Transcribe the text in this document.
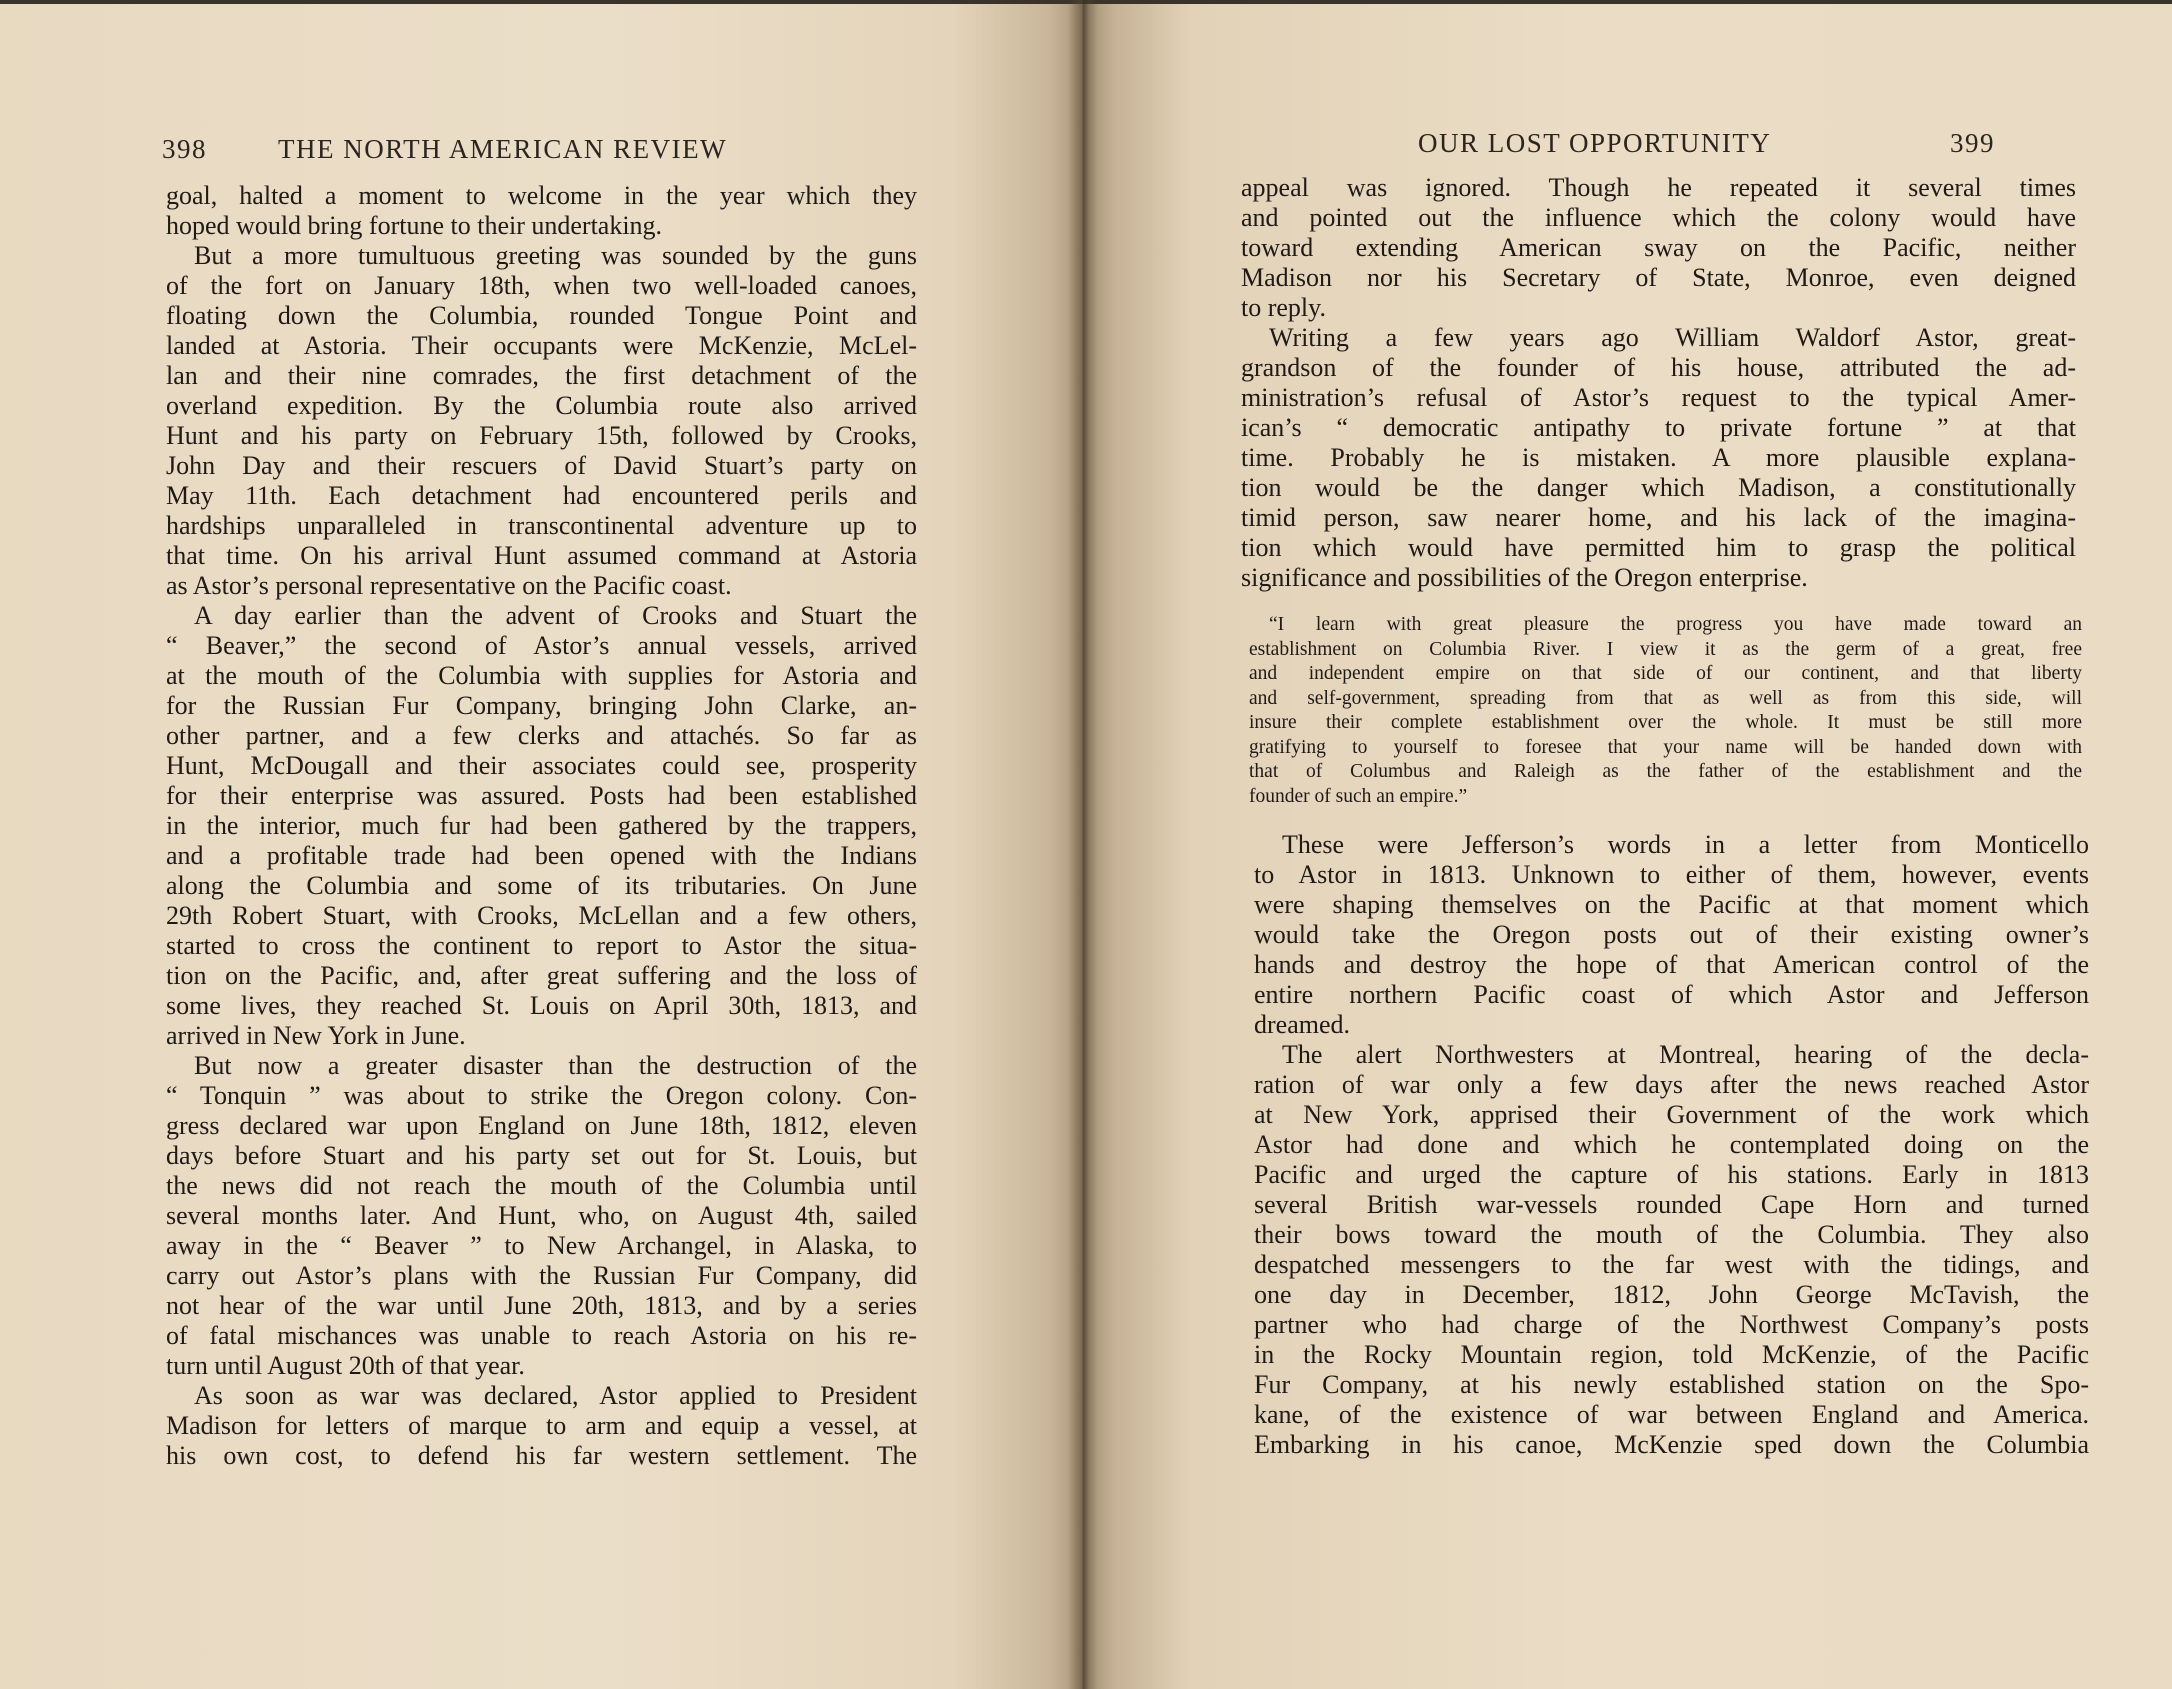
398	THE NORTH AMERICAN REVIEW
goal, halted a moment to welcome in the year which they
hoped would bring fortune to their undertaking.
But a more tumultuous greeting was sounded by the guns
of the fort on January 18th, when two well-loaded canoes,
floating down the Columbia, rounded Tongue Point and
landed at Astoria. Their occupants were McKenzie, McLel-
lan and their nine comrades, the first detachment of the
overland expedition. By the Columbia route also arrived
Hunt and his party on February 15th, followed by Crooks,
John Day and their rescuers of David Stuart’s party on
May 11th. Each detachment had encountered perils and
hardships unparalleled in transcontinental adventure up to
that time. On his arrival Hunt assumed command at Astoria
as Astor’s personal representative on the Pacific coast.
A day earlier than the advent of Crooks and Stuart the
“ Beaver,” the second of Astor’s annual vessels, arrived
at the mouth of the Columbia with supplies for Astoria and
for the Russian Fur Company, bringing John Clarke, an-
other partner, and a few clerks and attachés. So far as
Hunt, McDougall and their associates could see, prosperity
for their enterprise was assured. Posts had been established
in the interior, much fur had been gathered by the trappers,
and a profitable trade had been opened with the Indians
along the Columbia and some of its tributaries. On June
29th Robert Stuart, with Crooks, McLellan and a few others,
started to cross the continent to report to Astor the situa-
tion on the Pacific, and, after great suffering and the loss of
some lives, they reached St. Louis on April 30th, 1813, and
arrived in New York in June.
But now a greater disaster than the destruction of the
“ Tonquin ” was about to strike the Oregon colony. Con-
gress declared war upon England on June 18th, 1812, eleven
days before Stuart and his party set out for St. Louis, but
the news did not reach the mouth of the Columbia until
several months later. And Hunt, who, on August 4th, sailed
away in the “ Beaver ” to New Archangel, in Alaska, to
carry out Astor’s plans with the Russian Fur Company, did
not hear of the war until June 20th, 1813, and by a series
of fatal mischances was unable to reach Astoria on his re-
turn until August 20th of that year.
As soon as war was declared, Astor applied to President
Madison for letters of marque to arm and equip a vessel, at
his own cost, to defend his far western settlement. The
OUR LOST OPPORTUNITY	399
appeal was ignored. Though he repeated it several times
and pointed out the influence which the colony would have
toward extending American sway on the Pacific, neither
Madison nor his Secretary of State, Monroe, even deigned
to reply.
Writing a few years ago William Waldorf Astor, great-
grandson of the founder of his house, attributed the ad-
ministration’s refusal of Astor’s request to the typical Amer-
ican’s “ democratic antipathy to private fortune ” at that
time. Probably he is mistaken. A more plausible explana-
tion would be the danger which Madison, a constitutionally
timid person, saw nearer home, and his lack of the imagina-
tion which would have permitted him to grasp the political
significance and possibilities of the Oregon enterprise.
“I learn with great pleasure the progress you have made toward an
establishment on Columbia River. I view it as the germ of a great, free
and independent empire on that side of our continent, and that liberty
and self-government, spreading from that as well as from this side, will
insure their complete establishment over the whole. It must be still more
gratifying to yourself to foresee that your name will be handed down with
that of Columbus and Raleigh as the father of the establishment and the
founder of such an empire.”
These were Jefferson’s words in a letter from Monticello
to Astor in 1813. Unknown to either of them, however, events
were shaping themselves on the Pacific at that moment which
would take the Oregon posts out of their existing owner’s
hands and destroy the hope of that American control of the
entire northern Pacific coast of which Astor and Jefferson
dreamed.
The alert Northwesters at Montreal, hearing of the decla-
ration of war only a few days after the news reached Astor
at New York, apprised their Government of the work which
Astor had done and which he contemplated doing on the
Pacific and urged the capture of his stations. Early in 1813
several British war-vessels rounded Cape Horn and turned
their bows toward the mouth of the Columbia. They also
despatched messengers to the far west with the tidings, and
one day in December, 1812, John George McTavish, the
partner who had charge of the Northwest Company’s posts
in the Rocky Mountain region, told McKenzie, of the Pacific
Fur Company, at his newly established station on the Spo-
kane, of the existence of war between England and America.
Embarking in his canoe, McKenzie sped down the Columbia
